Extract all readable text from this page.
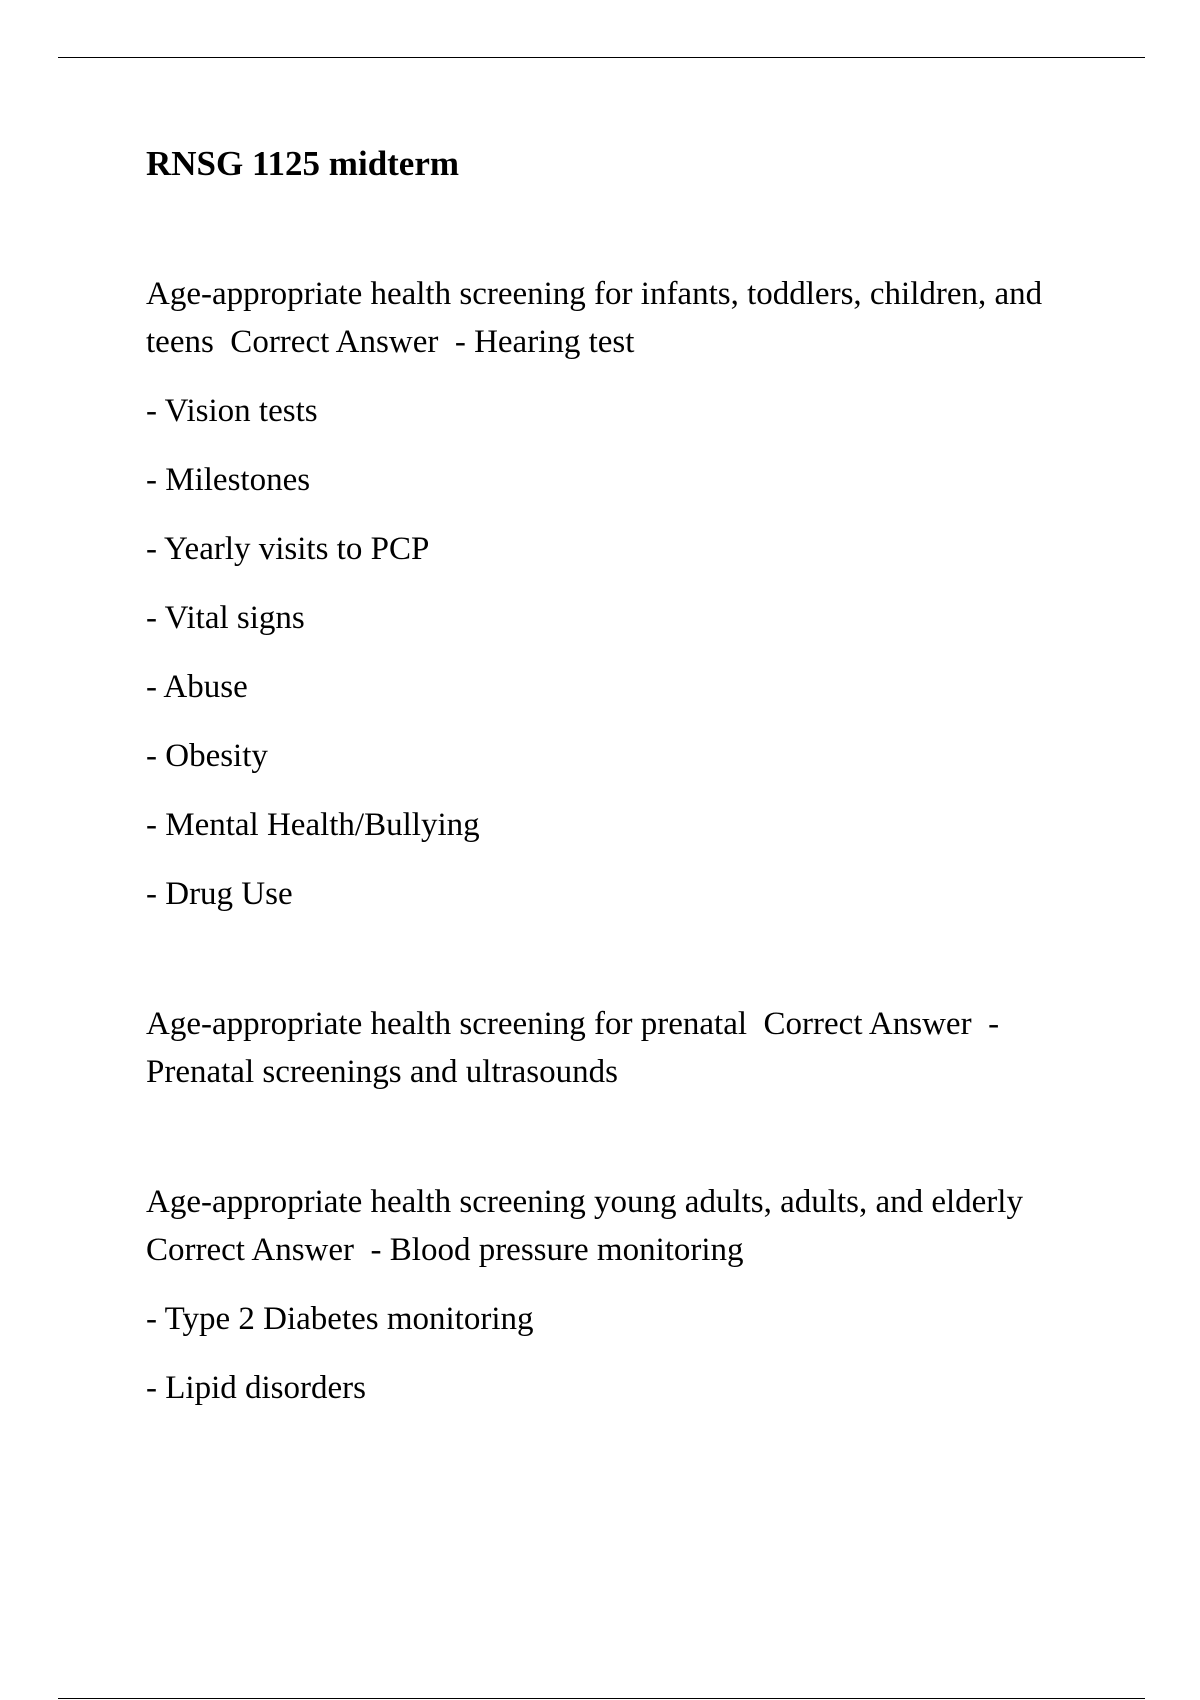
RNSG 1125 midterm

Age-appropriate health screening for infants, toddlers, children, and teens  Correct Answer  - Hearing test

- Vision tests

- Milestones

- Yearly visits to PCP

- Vital signs

- Abuse

- Obesity

- Mental Health/Bullying

- Drug Use

Age-appropriate health screening for prenatal  Correct Answer  - Prenatal screenings and ultrasounds

Age-appropriate health screening young adults, adults, and elderly  Correct Answer  - Blood pressure monitoring

- Type 2 Diabetes monitoring

- Lipid disorders
